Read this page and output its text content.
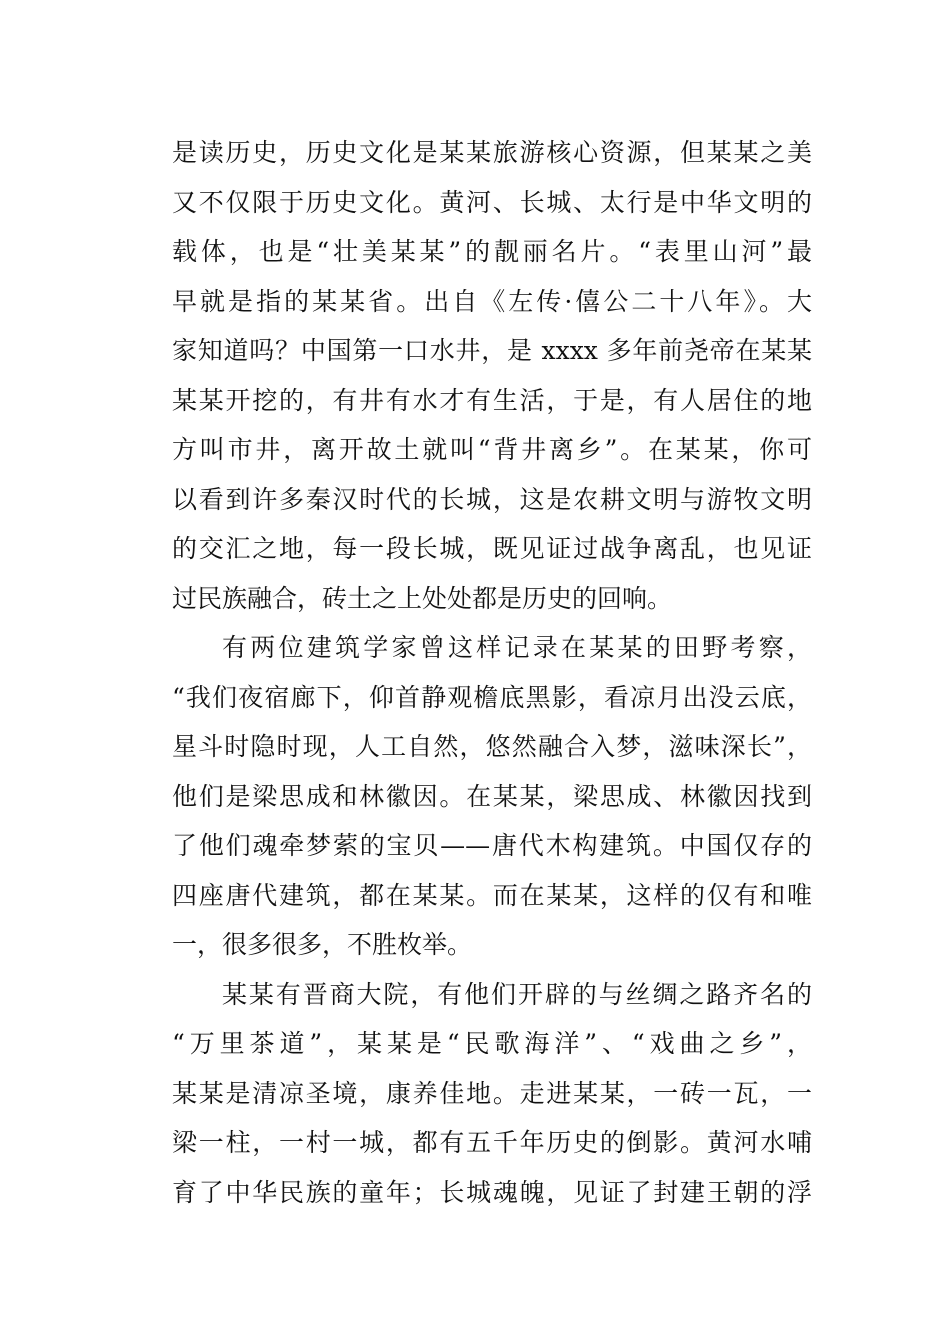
是读历史，历史文化是某某旅游核心资源，但某某之美
又不仅限于历史文化。黄河、长城、太行是中华文明的
载体，也是“壮美某某”的靓丽名片。“表里山河”最
早就是指的某某省。出自《左传·僖公二十八年》。大
家知道吗？中国第一口水井，是 xxxx 多年前尧帝在某某
某某开挖的，有井有水才有生活，于是，有人居住的地
方叫市井，离开故土就叫“背井离乡”。在某某，你可
以看到许多秦汉时代的长城，这是农耕文明与游牧文明
的交汇之地，每一段长城，既见证过战争离乱，也见证
过民族融合，砖土之上处处都是历史的回响。
有两位建筑学家曾这样记录在某某的田野考察，
“我们夜宿廊下，仰首静观檐底黑影，看凉月出没云底，
星斗时隐时现，人工自然，悠然融合入梦，滋味深长”，
他们是梁思成和林徽因。在某某，梁思成、林徽因找到
了他们魂牵梦萦的宝贝——唐代木构建筑。中国仅存的
四座唐代建筑，都在某某。而在某某，这样的仅有和唯
一，很多很多，不胜枚举。
某某有晋商大院，有他们开辟的与丝绸之路齐名的
“万里茶道”，某某是“民歌海洋”、“戏曲之乡”，
某某是清凉圣境，康养佳地。走进某某，一砖一瓦，一
梁一柱，一村一城，都有五千年历史的倒影。黄河水哺
育了中华民族的童年；长城魂魄，见证了封建王朝的浮
